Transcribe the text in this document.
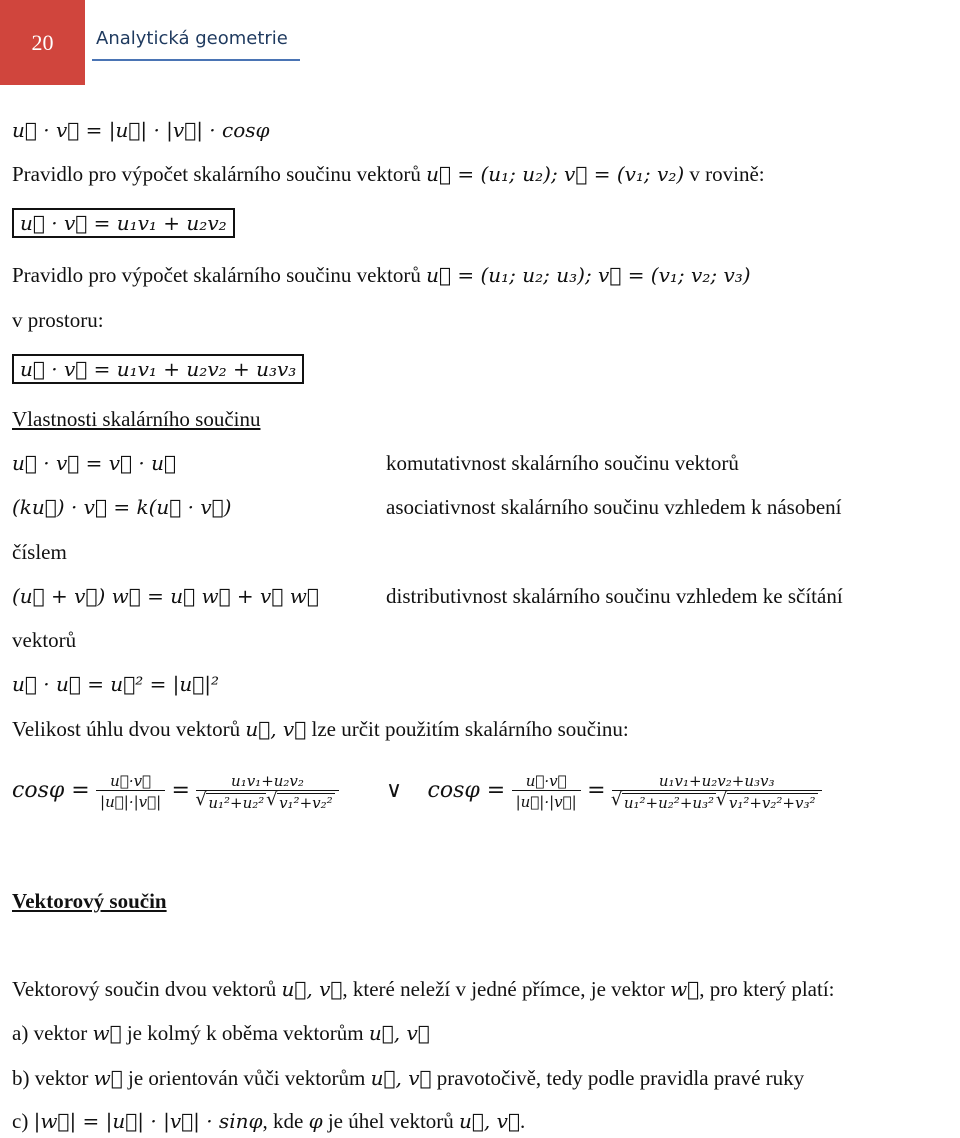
20 Analytická geometrie
u⃗ · v⃗ = |u⃗| · |v⃗| · cosφ
Pravidlo pro výpočet skalárního součinu vektorů u⃗ = (u₁; u₂); v⃗ = (v₁; v₂) v rovině:
u⃗ · v⃗ = u₁v₁ + u₂v₂
Pravidlo pro výpočet skalárního součinu vektorů u⃗ = (u₁; u₂; u₃); v⃗ = (v₁; v₂; v₃)
v prostoru:
u⃗ · v⃗ = u₁v₁ + u₂v₂ + u₃v₃
Vlastnosti skalárního součinu
u⃗ · v⃗ = v⃗ · u⃗	komutativnost skalárního součinu vektorů
(ku⃗) · v⃗ = k(u⃗ · v⃗)	asociativnost skalárního součinu vzhledem k násobení
číslem
(u⃗ + v⃗) w⃗ = u⃗ w⃗ + v⃗ w⃗	distributivnost skalárního součinu vzhledem ke sčítání
vektorů
u⃗ · u⃗ = u⃗² = |u⃗|²
Velikost úhlu dvou vektorů u⃗, v⃗ lze určit použitím skalárního součinu:
$\cos\varphi = \frac{u⃗\cdot v⃗}{|u⃗|\cdot|v⃗|} = u_1v_1+u_2v_2$
√ u₁²+u₂² √ v₁²+v₂² ∨ $\cos\varphi = \frac{u⃗\cdot v⃗}{|u⃗|\cdot|v⃗|} = u_1v_1+u_2v_2+u_3v_3$
√ u₁²+u₂²+u₃² √ v₁²+v₂²+v₃²
Vektorový součin
Vektorový součin dvou vektorů u⃗, v⃗, které neleží v jedné přímce, je vektor w⃗, pro který platí:
a) vektor w⃗ je kolmý k oběma vektorům u⃗, v⃗
b) vektor w⃗ je orientován vůči vektorům u⃗, v⃗ pravotočivě, tedy podle pravidla pravé ruky
c) |w⃗| = |u⃗| · |v⃗| · sinφ, kde φ je úhel vektorů u⃗, v⃗.
